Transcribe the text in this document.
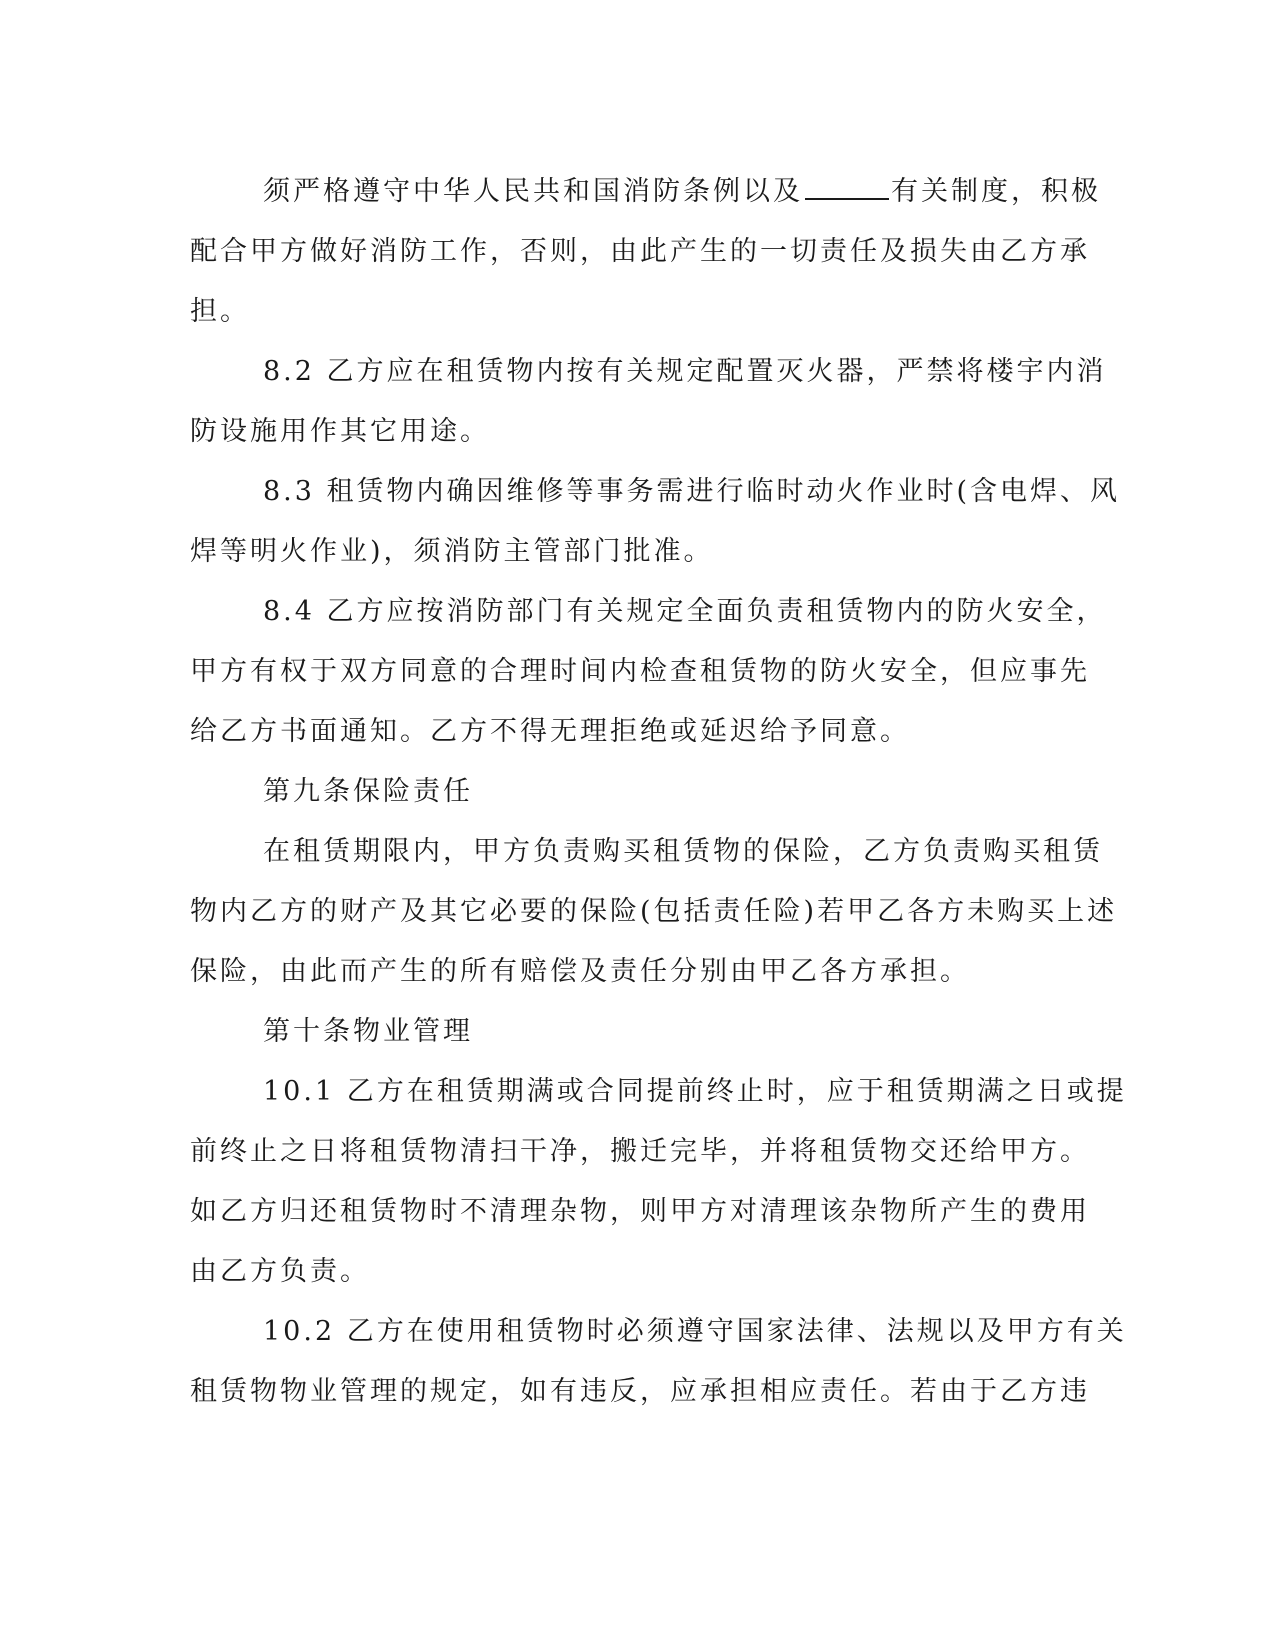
须严格遵守中华人民共和国消防条例以及	有关制度，积极
配合甲方做好消防工作，否则，由此产生的一切责任及损失由乙方承
担。
8.2 乙方应在租赁物内按有关规定配置灭火器，严禁将楼宇内消
防设施用作其它用途。
8.3 租赁物内确因维修等事务需进行临时动火作业时(含电焊、风
焊等明火作业)，须消防主管部门批准。
8.4 乙方应按消防部门有关规定全面负责租赁物内的防火安全，
甲方有权于双方同意的合理时间内检查租赁物的防火安全，但应事先
给乙方书面通知。乙方不得无理拒绝或延迟给予同意。
第九条保险责任
在租赁期限内，甲方负责购买租赁物的保险，乙方负责购买租赁
物内乙方的财产及其它必要的保险(包括责任险)若甲乙各方未购买上述
保险，由此而产生的所有赔偿及责任分别由甲乙各方承担。
第十条物业管理
10.1 乙方在租赁期满或合同提前终止时，应于租赁期满之日或提
前终止之日将租赁物清扫干净，搬迁完毕，并将租赁物交还给甲方。
如乙方归还租赁物时不清理杂物，则甲方对清理该杂物所产生的费用
由乙方负责。
10.2 乙方在使用租赁物时必须遵守国家法律、法规以及甲方有关
租赁物物业管理的规定，如有违反，应承担相应责任。若由于乙方违
